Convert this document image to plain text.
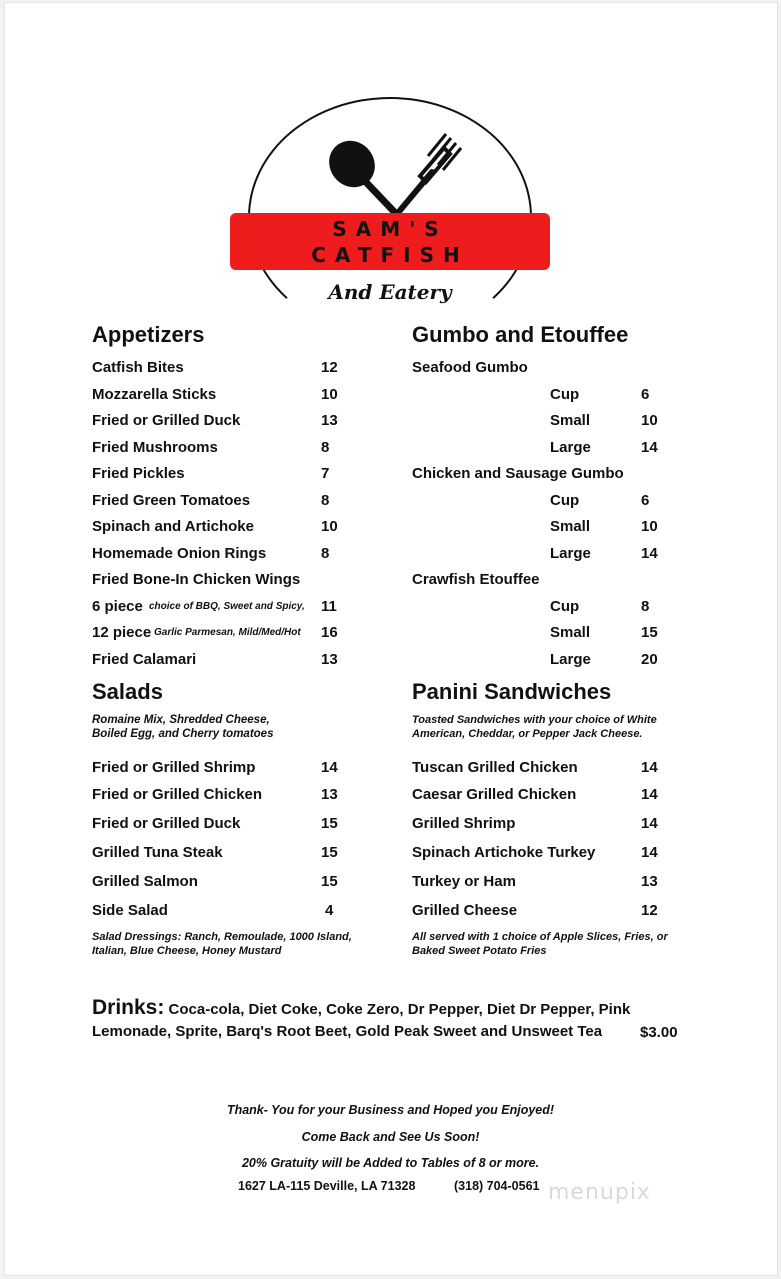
SAM'S
CATFISH
And Eatery
Appetizers	Gumbo and Etouffee
Salads
Romaine Mix, Shredded Cheese, Boiled Egg, and Cherry tomatoes
Salad Dressings: Ranch, Remoulade, 1000 Island, Italian, Blue Cheese, Honey Mustard
Panini Sandwiches
Toasted Sandwiches with your choice of White American, Cheddar, or Pepper Jack Cheese.
All served with 1 choice of Apple Slices, Fries, or Baked Sweet Potato Fries
Drinks: Coca-cola, Diet Coke, Coke Zero, Dr Pepper, Diet Dr Pepper, Pink
Lemonade, Sprite, Barq's Root Beet, Gold Peak Sweet and Unsweet Tea	$3.00
Thank- You for your Business and Hoped you Enjoyed!
Come Back and See Us Soon!
20% Gratuity will be Added to Tables of 8 or more.
1627 LA-115 Deville, LA 71328	(318) 704-0561 menupix
Catfish Bites	12
Mozzarella Sticks	10
Fried or Grilled Duck	13
Fried Mushrooms	8
Fried Pickles	7
Fried Green Tomatoes	8
Spinach and Artichoke	10
Homemade Onion Rings	8
Fried Bone-In Chicken Wings
6 piece choice of BBQ, Sweet and Spicy, 11
12 piece Garlic Parmesan, Mild/Med/Hot 16
Fried Calamari	13
Seafood Gumbo
Cup	6
Small	10
Large	14
Chicken and Sausage Gumbo
Cup	6
Small	10
Large	14
Crawfish Etouffee
Cup	8
Small	15
Large	20
Fried or Grilled Shrimp	14
Fried or Grilled Chicken	13
Fried or Grilled Duck	15
Grilled Tuna Steak	15
Grilled Salmon	15
Side Salad	4
Tuscan Grilled Chicken	14
Caesar Grilled Chicken	14
Grilled Shrimp	14
Spinach Artichoke Turkey	14
Turkey or Ham	13
Grilled Cheese	12
